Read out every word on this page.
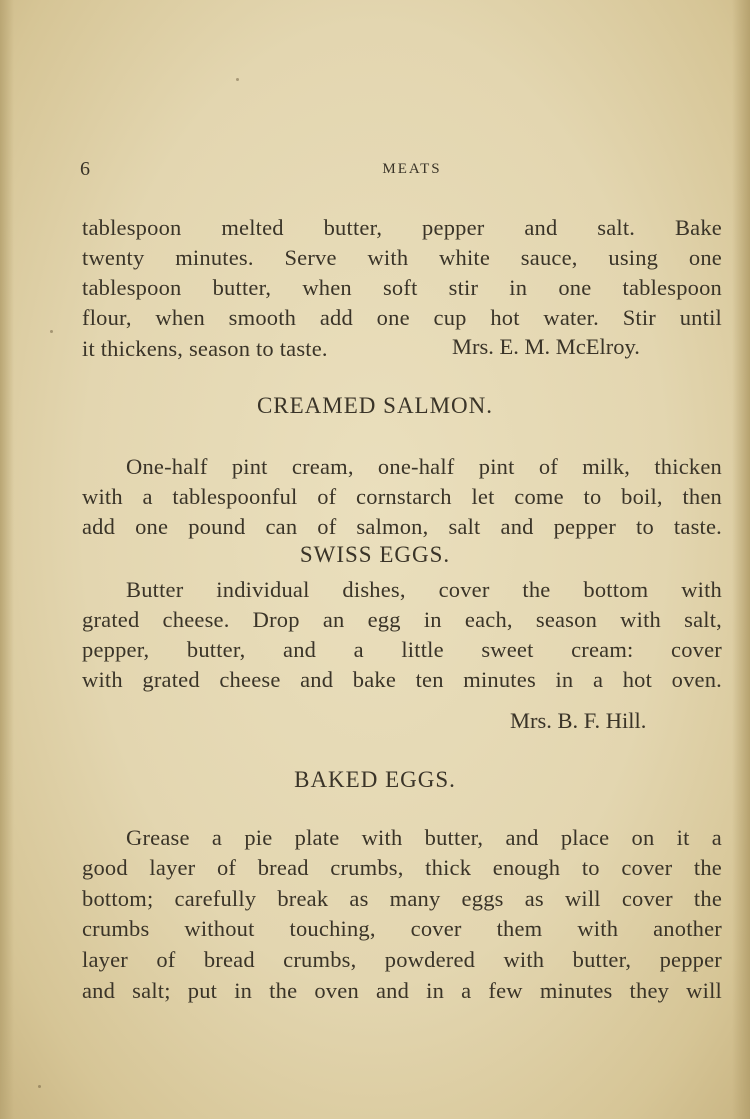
6	MEATS
tablespoon melted butter, pepper and salt. Bake
twenty minutes. Serve with white sauce, using one
tablespoon butter, when soft stir in one tablespoon
flour, when smooth add one cup hot water. Stir until
it thickens, season to taste.	Mrs. E. M. McElroy.
CREAMED SALMON.
One-half pint cream, one-half pint of milk, thicken
with a tablespoonful of cornstarch let come to boil, then
add one pound can of salmon, salt and pepper to taste.
SWISS EGGS.
Butter individual dishes, cover the bottom with
grated cheese. Drop an egg in each, season with salt,
pepper, butter, and a little sweet cream: cover
with grated cheese and bake ten minutes in a hot oven.
Mrs. B. F. Hill.
BAKED EGGS.
Grease a pie plate with butter, and place on it a
good layer of bread crumbs, thick enough to cover the
bottom; carefully break as many eggs as will cover the
crumbs without touching, cover them with another
layer of bread crumbs, powdered with butter, pepper
and salt; put in the oven and in a few minutes they will
